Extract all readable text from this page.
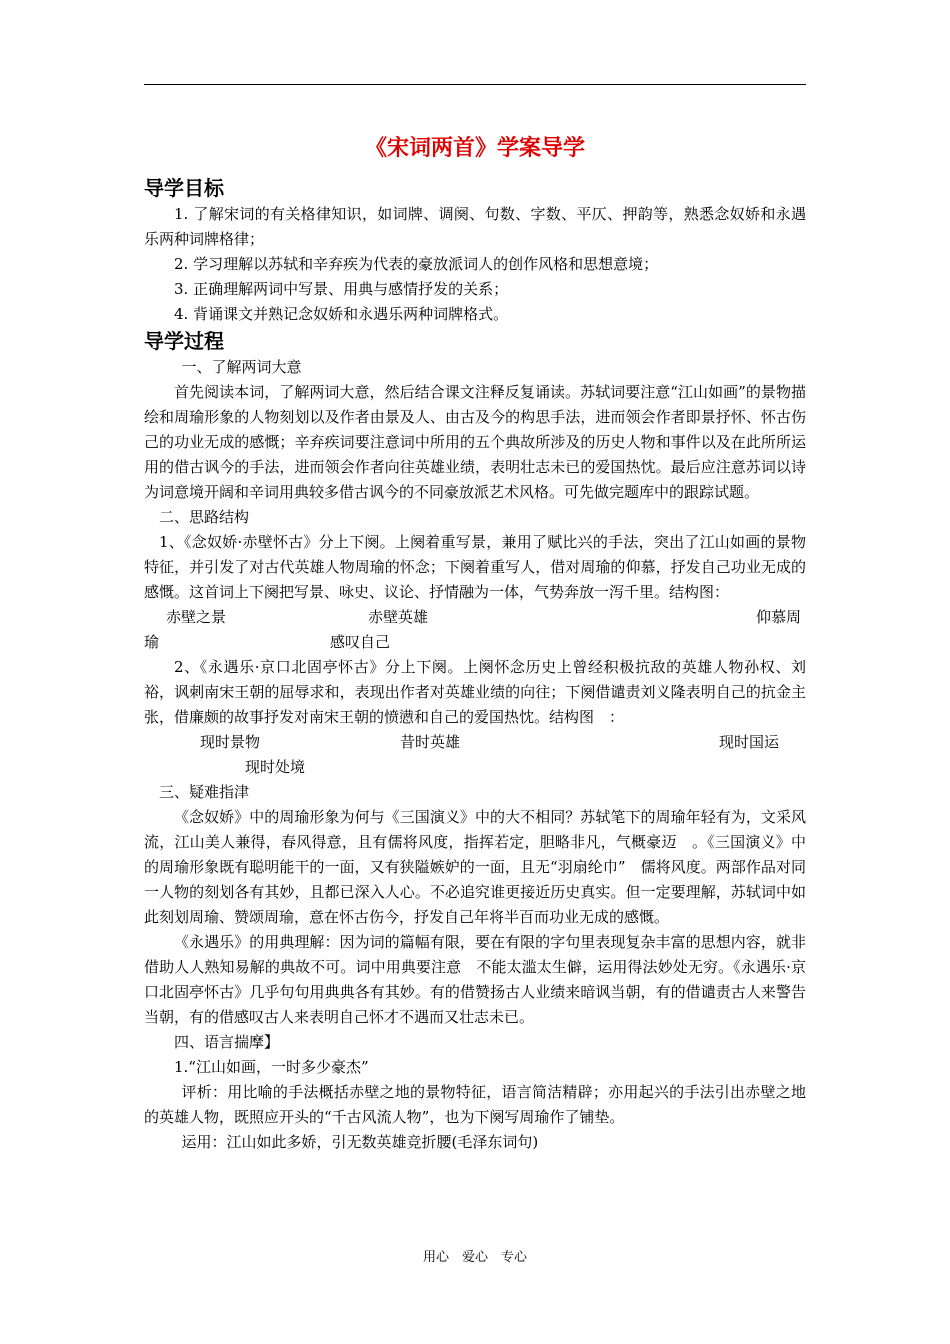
《宋词两首》学案导学
导学目标

1. 了解宋词的有关格律知识，如词牌、调阕、句数、字数、平仄、押韵等，熟悉念奴娇和永遇乐两种词牌格律；

2. 学习理解以苏轼和辛弃疾为代表的豪放派词人的创作风格和思想意境；

3. 正确理解两词中写景、用典与感情抒发的关系；

4. 背诵课文并熟记念奴娇和永遇乐两种词牌格式。

导学过程

一、了解两词大意

首先阅读本词，了解两词大意，然后结合课文注释反复诵读。苏轼词要注意“江山如画”的景物描绘和周瑜形象的人物刻划以及作者由景及人、由古及今的构思手法，进而领会作者即景抒怀、怀古伤己的功业无成的感慨；辛弃疾词要注意词中所用的五个典故所涉及的历史人物和事件以及在此所所运用的借古讽今的手法，进而领会作者向往英雄业绩，表明壮志未已的爱国热忱。最后应注意苏词以诗为词意境开阔和辛词用典较多借古讽今的不同豪放派艺术风格。可先做完题库中的跟踪试题。

二、思路结构

1、《念奴娇·赤壁怀古》分上下阕。上阕着重写景，兼用了赋比兴的手法，突出了江山如画的景物特征，并引发了对古代英雄人物周瑜的怀念；下阕着重写人，借对周瑜的仰慕，抒发自己功业无成的感慨。这首词上下阕把写景、咏史、议论、抒情融为一体，气势奔放一泻千里。结构图：

赤壁之景	赤壁英雄	仰慕周
瑜	感叹自己

2、《永遇乐·京口北固亭怀古》分上下阕。上阕怀念历史上曾经积极抗敌的英雄人物孙权、刘裕，讽刺南宋王朝的屈辱求和，表现出作者对英雄业绩的向往；下阕借谴责刘义隆表明自己的抗金主张，借廉颇的故事抒发对南宋王朝的愤懑和自己的爱国热忱。结构图　：

现时景物	昔时英雄	现时国运
现时处境

三、疑难指津

《念奴娇》中的周瑜形象为何与《三国演义》中的大不相同？苏轼笔下的周瑜年轻有为，文采风流，江山美人兼得，春风得意，且有儒将风度，指挥若定，胆略非凡，气概豪迈　。《三国演义》中的周瑜形象既有聪明能干的一面，又有狭隘嫉妒的一面，且无“羽扇纶巾”　儒将风度。两部作品对同一人物的刻划各有其妙，且都已深入人心。不必追究谁更接近历史真实。但一定要理解，苏轼词中如此刻划周瑜、赞颂周瑜，意在怀古伤今，抒发自己年将半百而功业无成的感慨。

《永遇乐》的用典理解：因为词的篇幅有限，要在有限的字句里表现复杂丰富的思想内容，就非借助人人熟知易解的典故不可。词中用典要注意　不能太滥太生僻，运用得法妙处无穷。《永遇乐·京口北固亭怀古》几乎句句用典典各有其妙。有的借赞扬古人业绩来暗讽当朝，有的借谴责古人来警告当朝，有的借感叹古人来表明自己怀才不遇而又壮志未已。

四、语言揣摩】

1.“江山如画，一时多少豪杰”

评析：用比喻的手法概括赤壁之地的景物特征，语言简洁精辟；亦用起兴的手法引出赤壁之地的英雄人物，既照应开头的“千古风流人物”，也为下阕写周瑜作了铺垫。

运用：江山如此多娇，引无数英雄竞折腰(毛泽东词句)

用心　爱心　专心
